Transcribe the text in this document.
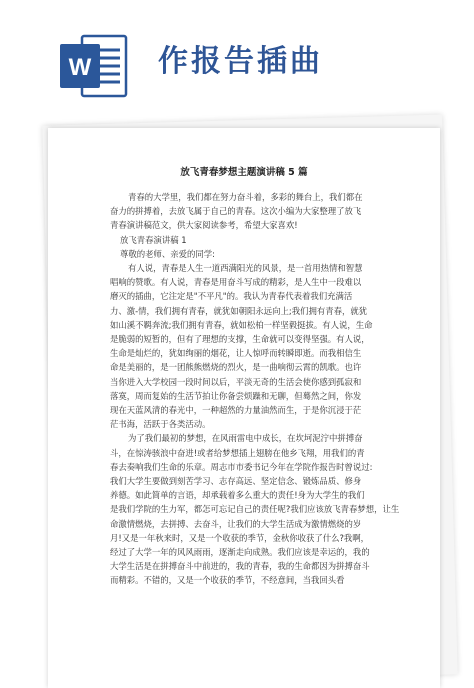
W 作报告插曲
放飞青春梦想主题演讲稿 5 篇
青春的大学里，我们都在努力奋斗着，多彩的舞台上，我们都在
奋力的拼搏着，去放飞属于自己的青春。这次小编为大家整理了放飞
青春演讲稿范文，供大家阅读参考，希望大家喜欢!
放飞青春演讲稿 1
尊敬的老师、亲爱的同学:
有人说，青春是人生一道西满阳光的风景，是一首用热情和智慧
唱响的赞歌。有人说，青春是用奋斗写成的精彩，是人生中一段难以
磨灭的插曲，它注定是"不平凡"的。我认为青春代表着我们充满活
力、激-情，我们拥有青春，就犹如朝阳永远向上;我们拥有青春，就犹
如山溪不羁奔流;我们拥有青春，就如松柏一样坚毅挺拔。有人说，生命
是脆弱的短暂的，但有了理想的支撑，生命就可以变得坚强。有人说，
生命是灿烂的，犹如绚丽的烟花，让人惊呼而转瞬即逝。而我相信生
命是美丽的，是一团熊熊燃烧的烈火，是一曲响彻云霄的凯歌。也许
当你进入大学校园一段时间以后，平淡无奇的生活会使你感到孤寂和
落寞，周而复始的生活节拍让你备尝烦躁和无聊，但蓦然之间，你发
现在天蓝风清的春光中，一种超然的力量油然而生，于是你沉浸于茫
茫书海，活跃于各类活动。
为了我们最初的梦想，在风雨雷电中成长，在坎坷泥泞中拼搏奋
斗，在惊涛骇浪中奋进!或者给梦想插上翅膀在他乡飞翔，用我们的青
春去奏响我们生命的乐章。周志市市委书记今年在学院作报告时曾说过:
我们大学生要做到刻苦学习、志存高远、坚定信念、锻炼品质、修身
养德。如此简单的言语，却承载着多么重大的责任!身为大学生的我们
是我们学院的生力军，都怎可忘记自己的责任呢?我们应该放飞青春梦想，让生
命激情燃烧，去拼搏、去奋斗，让我们的大学生活成为激情燃烧的岁
月!又是一年秋来时，又是一个收获的季节，金秋你收获了什么?我啊，
经过了大学一年的风风雨雨，逐渐走向成熟。我们应该是幸运的，我的
大学生活是在拼搏奋斗中前进的，我的青春，我的生命都因为拼搏奋斗
而精彩。不错的，又是一个收获的季节，不经意间，当我回头看
